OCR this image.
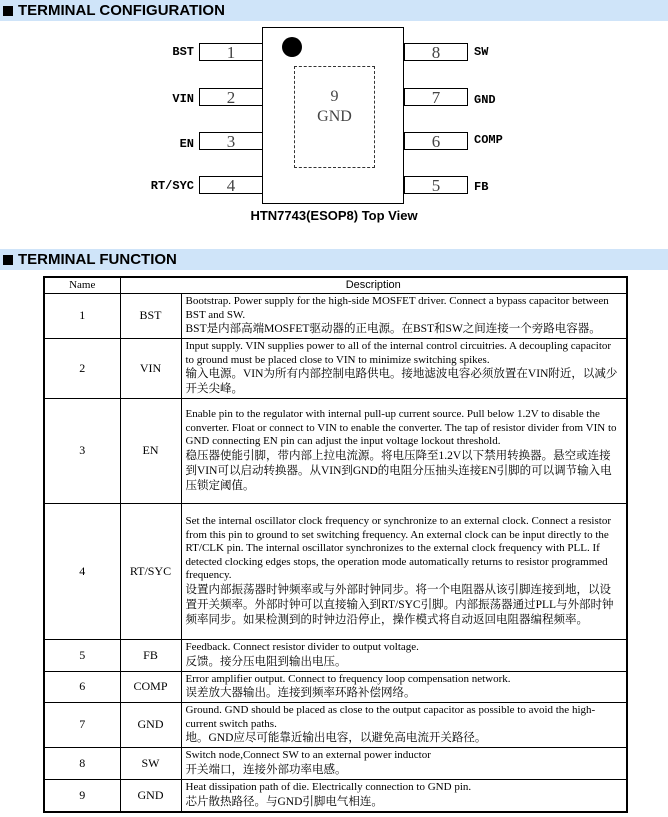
TERMINAL CONFIGURATION
9
GND
1
2
3
4
BST
VIN
EN
RT/SYC
8
7
6
5
SW
GND
COMP
FB
HTN7743(ESOP8) Top View
TERMINAL FUNCTION
Name	Description	
1	BST	Bootstrap. Power supply for the high-side MOSFET driver. Connect a bypass capacitor between BST and SW.
BST是内部高端MOSFET驱动器的正电源。在BST和SW之间连接一个旁路电容器。

2	VIN	Input supply. VIN supplies power to all of the internal control circuitries. A decoupling capacitor to ground must be placed close to VIN to minimize switching spikes.
输入电源。VIN为所有内部控制电路供电。接地滤波电容必须放置在VIN附近，以减少开关尖峰。

3	EN	Enable pin to the regulator with internal pull-up current source. Pull below 1.2V to disable the converter. Float or connect to VIN to enable the converter. The tap of resistor divider from VIN to GND connecting EN pin can adjust the input voltage lockout threshold.
稳压器使能引脚，带内部上拉电流源。将电压降至1.2V以下禁用转换器。悬空或连接到VIN可以启动转换器。从VIN到GND的电阻分压抽头连接EN引脚的可以调节输入电压锁定阈值。

4	RT/SYC	Set the internal oscillator clock frequency or synchronize to an external clock. Connect a resistor from this pin to ground to set switching frequency. An external clock can be input directly to the RT/CLK pin. The internal oscillator synchronizes to the external clock frequency with PLL. If detected clocking edges stops, the operation mode automatically returns to resistor programmed frequency.
设置内部振荡器时钟频率或与外部时钟同步。将一个电阻器从该引脚连接到地，以设置开关频率。外部时钟可以直接输入到RT/SYC引脚。内部振荡器通过PLL与外部时钟频率同步。如果检测到的时钟边沿停止，操作模式将自动返回电阻器编程频率。

5	FB	Feedback. Connect resistor divider to output voltage.
反馈。接分压电阻到输出电压。

6	COMP	Error amplifier output. Connect to frequency loop compensation network.
误差放大器输出。连接到频率环路补偿网络。

7	GND	Ground. GND should be placed as close to the output capacitor as possible to avoid the high-current switch paths.
地。GND应尽可能靠近输出电容，以避免高电流开关路径。

8	SW	Switch node,Connect SW to an external power inductor
开关端口，连接外部功率电感。

9	GND	Heat dissipation path of die. Electrically connection to GND pin.
芯片散热路径。与GND引脚电气相连。
